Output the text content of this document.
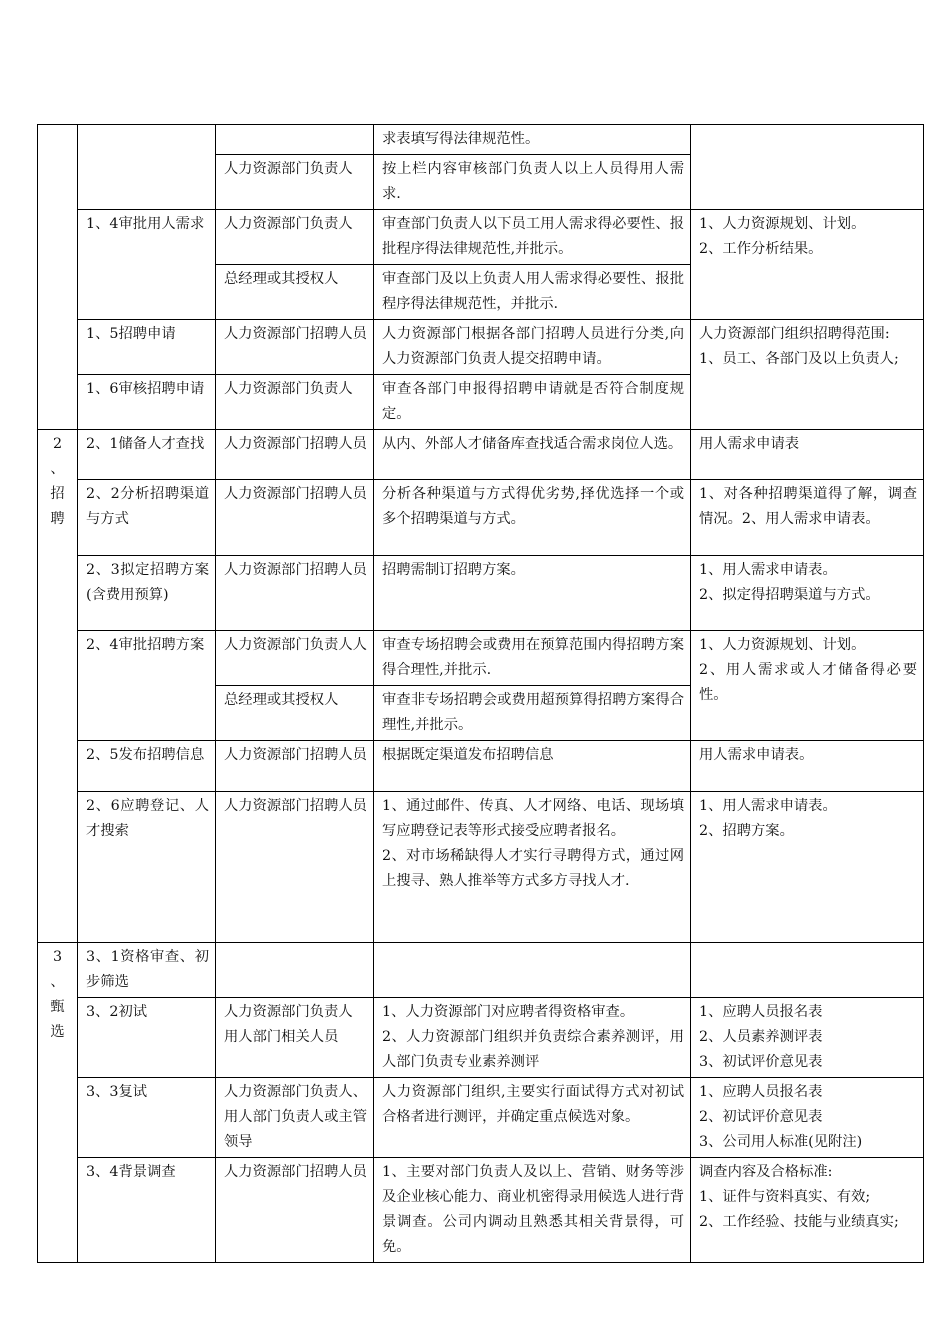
			求表填写得法律规范性。	
		人力资源部门负责人	按上栏内容审核部门负责人以上人员得用人需求.	
	1、4审批用人需求	人力资源部门负责人	审查部门负责人以下员工用人需求得必要性、报批程序得法律规范性,并批示。	1、人力资源规划、计划。
2、工作分析结果。
		总经理或其授权人	审查部门及以上负责人用人需求得必要性、报批程序得法律规范性，并批示.	
	1、5招聘申请	人力资源部门招聘人员	人力资源部门根据各部门招聘人员进行分类,向人力资源部门负责人提交招聘申请。	人力资源部门组织招聘得范围:
1、员工、各部门及以上负责人;

	1、6审核招聘申请	人力资源部门负责人	审查各部门申报得招聘申请就是否符合制度规定。	

2
、
招
聘	2、1储备人才查找	人力资源部门招聘人员	从内、外部人才储备库查找适合需求岗位人选。	用人需求申请表
	2、2分析招聘渠道与方式	人力资源部门招聘人员	分析各种渠道与方式得优劣势,择优选择一个或多个招聘渠道与方式。	1、对各种招聘渠道得了解，调查情况。2、用人需求申请表。
	2、3拟定招聘方案(含费用预算)	人力资源部门招聘人员	招聘需制订招聘方案。	1、用人需求申请表。
2、拟定得招聘渠道与方式。
	2、4审批招聘方案	人力资源部门负责人人	审查专场招聘会或费用在预算范围内得招聘方案得合理性,并批示.	1、人力资源规划、计划。
2、用人需求或人才储备得必要性。
		总经理或其授权人	审查非专场招聘会或费用超预算得招聘方案得合理性,并批示。	
	2、5发布招聘信息	人力资源部门招聘人员	根据既定渠道发布招聘信息	用人需求申请表。
	2、6应聘登记、人才搜索	人力资源部门招聘人员	1、通过邮件、传真、人才网络、电话、现场填写应聘登记表等形式接受应聘者报名。
2、对市场稀缺得人才实行寻聘得方式，通过网上搜寻、熟人推举等方式多方寻找人才.	1、用人需求申请表。
2、招聘方案。

3
、
甄
选	3、1资格审查、初步筛选			
	3、2初试	人力资源部门负责人
用人部门相关人员	1、人力资源部门对应聘者得资格审查。
2、人力资源部门组织并负责综合素养测评，用人部门负责专业素养测评	1、应聘人员报名表
2、人员素养测评表
3、初试评价意见表
	3、3复试	人力资源部门负责人、用人部门负责人或主管领导	人力资源部门组织,主要实行面试得方式对初试合格者进行测评，并确定重点候选对象。	1、应聘人员报名表
2、初试评价意见表
3、公司用人标准(见附注)
	3、4背景调查	人力资源部门招聘人员	1、主要对部门负责人及以上、营销、财务等涉及企业核心能力、商业机密得录用候选人进行背景调查。公司内调动且熟悉其相关背景得，可免。	调查内容及合格标准:
1、证件与资料真实、有效;
2、工作经验、技能与业绩真实;
